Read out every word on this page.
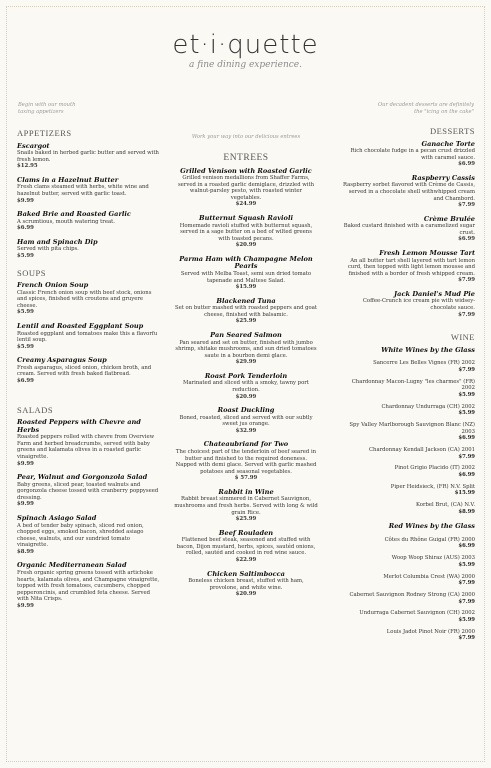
et·i·quette
a fine dining experience.
Begin with our mouth
taxing appetizers
Work your way into our delicious entrees
Our decadent desserts are definitely
the "icing on the cake"
APPETIZERS
Escargot
Snails baked in herbed garlic butter and served with fresh lemon.
$12.95
Clams in a Hazelnut Butter
Fresh clams steamed with herbs, white wine and hazelnut butter, served with garlic toast.
$9.99
Baked Brie and Roasted Garlic
A scrumtious, mouth watering treat.
$6.99
Ham and Spinach Dip
Served with pita chips.
$5.99
SOUPS
French Onion Soup
Classic French onion soup with beef stock, onions and spices, finished with croutons and gruyere cheese.
$5.99
Lentil and Roasted Eggplant Soup
Roasted eggplant and tomatoes make this a flavorfu lentil soup.
$5.99
Creamy Asparagus Soup
Fresh asparagus, sliced onion, chicken broth, and cream. Served with fresh baked flatbread.
$6.99
SALADS
Roasted Peppers with Chevre and Herbs
Roasted peppers rolled with chevre from Overview Farm and herbed breadcrumbs, served with baby greens and kalamata olives in a roasted garlic vinaigrette.
$9.99
Pear, Walnut and Gorgonzola Salad
Baby greens, sliced pear, toasted walnuts and gorgonzola cheese tossed with cranberry poppyseed dressing.
$9.99
Spinach Asiago Salad
A bed of tender baby spinach, sliced red onion, chopped eggs, smoked bacon, shredded asiago cheese, walnuts, and our sundried tomato vinaigrette.
$8.99
Organic Mediterranean Salad
Fresh organic spring greens tossed with artichoke hearts, kalamata olives, and Champagne vinaigrette, topped with fresh tomatoes, cucumbers, chopped pepperoncinis, and crumbled feta cheese. Served with Nita Crisps.
$9.99
ENTREES
Grilled Venison with Roasted Garlic
Grilled venison medallions from Shaffer Farms, served in a roasted garlic demiglace, drizzled with walnut-parsley pesto, with roasted winter vegetables.
$24.99
Butternut Squash Ravioli
Homemade ravioli stuffed with butternut squash, served in a sage butter on a bed of wilted greens with toasted pecans.
$20.99
Parma Ham with Champagne Melon Pearls
Served with Melba Toast, semi sun dried tomato tapenade and Maltese Salad.
$15.99
Blackened Tuna
Set on butter mashed with roasted peppers and goat cheese, finished with balsamic.
$25.99
Pan Seared Salmon
Pan seared and set on butter, finished with jumbo shrimp, shitake mushrooms, and sun dried tomatoes saute in a bourbon demi glace.
$29.99
Roast Pork Tenderloin
Marinated and sliced with a smoky, tawny port reduction.
$20.99
Roast Duckling
Boned, roasted, sliced and served with our subtly sweet jus orange.
$32.99
Chateaubriand for Two
The choicest part of the tenderloin of beef seared in butter and finished to the required doneness. Napped with demi glace. Served with garlic mashed potatoes and seasonal vegetables.
$ 57.99
Rabbit in Wine
Rabbit breast simmered in Cabernet Sauvignon, mushrooms and fresh herbs. Served with long & wild grain Rice.
$25.99
Beef Rouladen
Flattened beef steak, seasoned and stuffed with bacon, Dijon mustard, herbs, spices, sautéd onions, rolled, sautéd and cooked in red wine sauce.
$22.99
Chicken Saltimbocca
Boneless chicken breast, stuffed with ham, provolone, and white wine.
$20.99
DESSERTS
Ganache Torte
Rich chocolate fudge in a pecan crust drizzled with caramel sauce.
$6.99
Raspberry Cassis
Raspberry sorbet flavored with Crème de Cassis, served in a chocolate shell withwhipped cream and Chambord.
$7.99
Crème Brulée
Baked custard finished with a caramelized sugar crust.
$6.99
Fresh Lemon Mousse Tart
An all butter tart shell layered with tart lemon curd, then topped with light lemon mousse and finished with a border of fresh whipped cream.
$7.99
Jack Daniel's Mud Pie
Coffee-Crunch ice cream pie with widsey-chocolate sauce.
$7.99
WINE
White Wines by the Glass
Sancerre Les Belles Vignes (FR) 2002
$7.99
Chardonnay Macon-Lugny "les charmes" (FR) 2002
$5.99
Chardonnay Undurraga (CH) 2002
$5.99
Spy Valley Marlborough Sauvignon Blanc (NZ) 2003
$6.99
Chardonnay Kendall Jackson (CA) 2001
$7.99
Pinot Grigio Placido (IT) 2002
$6.99
Piper Heidsieck, (FR) N.V. Split
$15.99
Korbel Brut, (CA) N.V.
$8.99
Red Wines by the Glass
Côtes du Rhône Guigal (FR) 2000
$6.99
Woop Woop Shiraz (AUS) 2003
$5.99
Merlot Columbia Crest (WA) 2000
$7.99
Cabernet Sauvignon Rodney Strong (CA) 2000
$7.99
Undurraga Cabernet Sauvignon (CH) 2002
$5.99
Louis Jadot Pinot Noir (FR) 2000
$7.99
